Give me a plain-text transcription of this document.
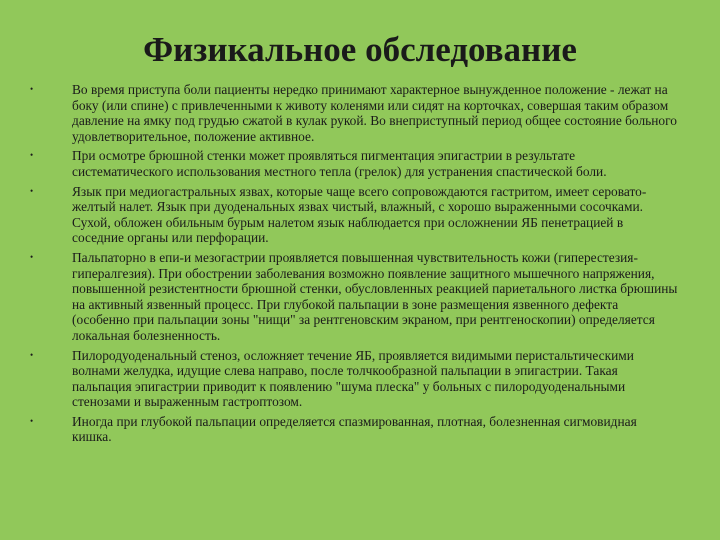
Физикальное обследование
•	Во время приступа боли пациенты нередко принимают характерное вынужденное положение - лежат на боку (или спине) с привлеченными к животу коленями или сидят на корточках, совершая таким образом давление на ямку под грудью сжатой в кулак рукой. Во внеприступный период общее состояние больного удовлетворительное, положение активное.
•	При осмотре брюшной стенки может проявляться пигментация эпигастрии в результате систематического использования местного тепла (грелок) для устранения спастической боли.
•	Язык при медиогастральных язвах, которые чаще всего сопровождаются гастритом, имеет серовато-желтый налет. Язык при дуоденальных язвах чистый, влажный, с хорошо выраженными сосочками. Сухой, обложен обильным бурым налетом язык наблюдается при осложнении ЯБ пенетрацией в соседние органы или перфорации.
•	Пальпаторно в епи-и мезогастрии проявляется повышенная чувствительность кожи (гиперестезия-гипералгезия). При обострении заболевания возможно появление защитного мышечного напряжения, повышенной резистентности брюшной стенки, обусловленных реакцией париетального листка брюшины на активный язвенный процесс. При глубокой пальпации в зоне размещения язвенного дефекта (особенно при пальпации зоны "нищи" за рентгеновским экраном, при рентгеноскопии) определяется локальная болезненность.
•	Пилородуоденальный стеноз, осложняет течение ЯБ, проявляется видимыми перистальтическими волнами желудка, идущие слева направо, после толчкообразной пальпации в эпигастрии. Такая пальпация эпигастрии приводит к появлению "шума плеска" у больных с пилородуоденальными стенозами и выраженным гастроптозом.
•	Иногда при глубокой пальпации определяется спазмированная, плотная, болезненная сигмовидная кишка.
